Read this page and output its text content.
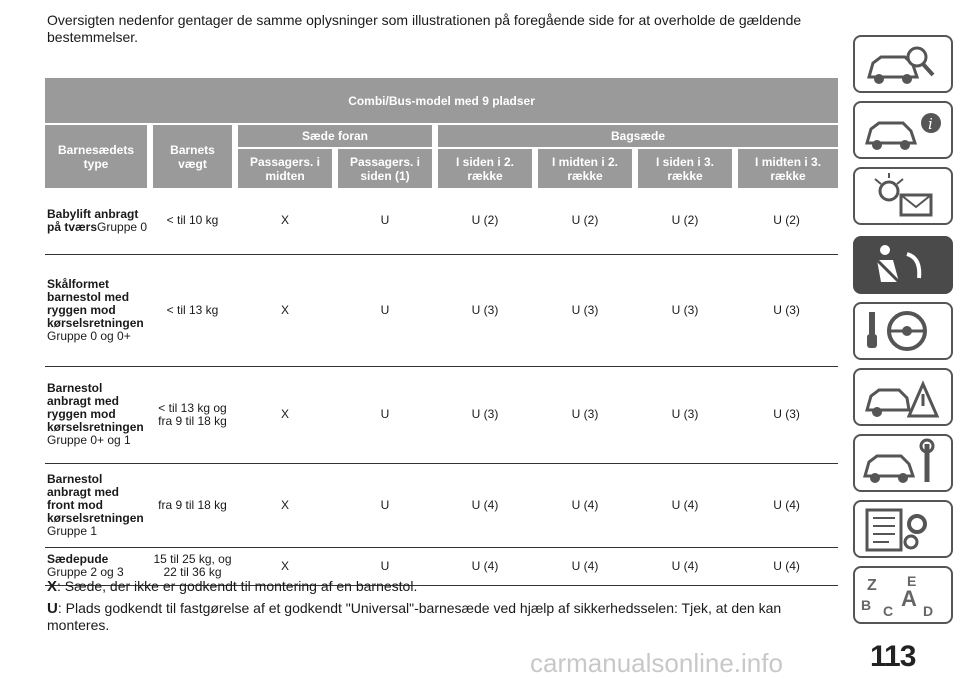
Oversigten nedenfor gentager de samme oplysninger som illustrationen på foregående side for at overholde de gældende bestemmelser.
Combi/Bus-model med 9 pladser							
Barnesædets type	Barnets vægt	Sæde foran		Bagsæde			
		Passagers. i midten	Passagers. i siden (1)	I siden i 2. række	I midten i 2. række	I siden i 3. række	I midten i 3. række
Babylift anbragt på tværsGruppe 0	< til 10 kg	X	U	U (2)	U (2)	U (2)	U (2)

Skålformet barnestol med ryggen mod kørselsretningen
Gruppe 0 og 0+	< til 13 kg	X	U	U (3)	U (3)	U (3)	U (3)

Barnestol anbragt med ryggen mod kørselsretningen
Gruppe 0+ og 1	< til 13 kg og fra 9 til 18 kg	X	U	U (3)	U (3)	U (3)	U (3)

Barnestol anbragt med front mod kørselsretningen
Gruppe 1	fra 9 til 18 kg	X	U	U (4)	U (4)	U (4)	U (4)

Sædepude
Gruppe 2 og 3	15 til 25 kg, og 22 til 36 kg	X	U	U (4)	U (4)	U (4)	U (4)
X: Sæde, der ikke er godkendt til montering af en barnestol.
U: Plads godkendt til fastgørelse af et godkendt "Universal"-barnesæde ved hjælp af sikkerhedsselen: Tjek, at den kan monteres.
i
Z E
B C A D
carmanualsonline.info	113
